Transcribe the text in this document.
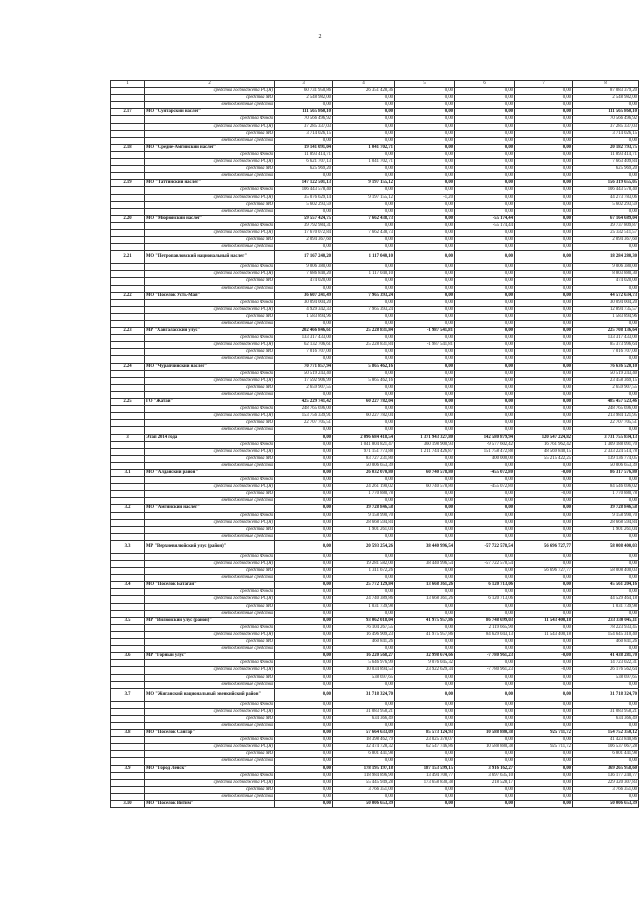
2
1	2	3	4	5	6	7	8
	средства госбюджета РС(Я)	60 731 950,86	26 351 428,36	0,00	0,00	0,00	87 083 379,20
	средства МО	2 548 982,00	0,00	0,00	0,00	0,00	2 548 982,00
	внебюджетные средства	0,00	0,00	0,00	0,00	0,00	0,00
2.17	МО "Сунтарский наслег"	111 565 860,10	0,00	0,00	0,00	0,00	111 565 860,10
	средства Фонда	70 566 496,92	0,00	0,00	0,00	0,00	70 566 496,92
	средства госбюджета РС(Я)	37 285 337,03	0,00	0,00	0,00	0,00	37 285 337,03
	средства МО	3 714 026,15	0,00	0,00	0,00	0,00	3 714 026,15
	внебюджетные средства	0,00	0,00	0,00	0,00	0,00	0,00
2.18	МО "Средне-Амгинский наслег"	19 141 091,04	1 041 702,71	0,00	0,00	0,00	20 182 793,75
	средства Фонда	11 893 414,71	0,00	0,00	0,00	0,00	11 893 414,71
	средства госбюджета РС(Я)	6 621 707,13	1 041 702,71	0,00	0,00	0,00	7 663 409,84
	средства МО	625 969,20	0,00	0,00	0,00	0,00	625 969,20
	внебюджетные средства	0,00	0,00	0,00	0,00	0,00	0,00
2.19	МО "Таттинский наслег"	147 122 501,13	9 197 155,12	0,00	0,00	0,00	156 319 655,05
	средства Фонда	106 443 578,40	0,00	0,00	0,00	0,00	106 443 578,40
	средства госбюджета РС(Я)	35 076 629,14	9 197 155,12	-1,20	0,00	0,00	44 273 783,06
	средства МО	5 602 293,59	0,00	0,00	0,00	0,00	5 602 293,59
	внебюджетные средства	0,00	0,00	0,00	0,00	0,00	0,00
2.20	МО "Мюрюнский наслег"	59 557 424,75	7 662 438,73	0,00	-55 174,44	0,00	67 164 689,04
	средства Фонда	39 792 984,31	0,00	0,00	-55 174,44	0,00	39 737 809,87
	средства госбюджета РС(Я)	17 670 072,84	7 662 438,73	0,00	0,00	0,00	25 332 511,57
	средства МО	2 094 367,60	0,00	0,00	0,00	0,00	2 094 367,60
	внебюджетные средства	0,00	0,00	0,00	0,00	0,00	0,00
2.21	МО "Петропавловский национальный наслег"	17 167 240,20	1 117 040,10	0,00	0,00	0,00	18 284 280,30
	средства Фонда	9 006 380,00	0,00	0,00	0,00	0,00	9 006 380,00
	средства госбюджета РС(Я)	7 686 840,20	1 117 040,10	0,00	0,00	0,00	8 803 880,30
	средства МО	474 020,00	0,00	0,00	0,00	0,00	474 020,00
	внебюджетные средства	0,00	0,00	0,00	0,00	0,00	0,00
2.22	МО "Поселок Усть-Мая"	36 607 241,49	7 965 393,24	0,00	0,00	0,00	44 572 634,73
	средства Фонда	30 094 004,20	0,00	0,00	0,00	0,00	30 094 004,20
	средства госбюджета РС(Я)	4 929 342,33	7 965 393,24	0,00	0,00	0,00	12 894 735,57
	средства МО	1 583 894,96	0,00	0,00	0,00	0,00	1 583 894,96
	внебюджетные средства	0,00	0,00	0,00	0,00	0,00	0,00
2.23	МР "Хангаласский улус"	202 466 846,61	25 228 831,84	-1 987 541,81	0,00	0,00	225 708 136,64
	средства Фонда	133 317 433,00	0,00	0,00	0,00	0,00	133 317 433,00
	средства госбюджета РС(Я)	62 132 706,61	25 228 831,84	-1 987 541,81	0,00	0,00	85 373 996,64
	средства МО	7 016 707,00	0,00	0,00	0,00	0,00	7 016 707,00
	внебюджетные средства	0,00	0,00	0,00	0,00	0,00	0,00
2.24	МО "Чурапчинский наслег"	70 771 857,94	5 865 462,16	0,00	0,00	0,00	76 636 520,10
	средства Фонда	50 519 243,40	0,00	0,00	0,00	0,00	50 519 243,40
	средства госбюджета РС(Я)	17 592 906,99	5 865 462,16	0,00	0,00	0,00	23 458 369,15
	средства МО	2 659 907,55	0,00	0,00	0,00	0,00	2 659 907,55
	внебюджетные средства	0,00	0,00	0,00	0,00	0,00	0,00
2.25	ГО "Жатай"	425 229 741,42	60 227 782,04	0,00	0,00	0,00	485 457 523,46
	средства Фонда	248 765 696,00	0,00	0,00	0,00	0,00	248 765 696,00
	средства госбюджета РС(Я)	153 756 339,91	60 227 782,04	0,00	0,00	0,00	213 984 121,95
	средства МО	22 707 705,51	0,00	0,00	0,00	0,00	22 707 705,51
	внебюджетные средства	0,00	0,00	0,00	0,00	0,00	0,00
3	Этап 2014 года	0,00	2 096 684 418,54	1 371 943 327,80	142 580 879,94	120 547 224,82	3 731 755 834,13
	средства Фонда	0,00	1 041 804 821,47	360 198 900,93	-9 577 602,42	16 761 962,42	1 309 188 091,70
	средства госбюджета РС(Я)	0,00	971 151 773,88	1 211 744 426,87	151 758 472,88	48 569 840,15	2 333 224 514,78
	средства МО	0,00	83 727 231,80	0,00	400 000,00	55 215 422,25	139 136 774,05
	внебюджетные средства	0,00	50 006 653,39	0,00	0,00	0,00	50 006 653,39
3.1	МО "Алданский район"	0,00	26 032 070,80	60 740 578,80	-455 072,80	-0,00	86 317 576,80
	средства Фонда	0,00	0,00	0,00	0,00	0,00	0,00
	средства госбюджета РС(Я)	0,00	24 261 190,02	60 740 578,80	-455 072,80	0,00	84 546 696,02
	средства МО	0,00	1 770 880,78	0,00	0,00	-0,00	1 770 880,78
	внебюджетные средства	0,00	0,00	0,00	0,00	0,00	0,00
3.2	МО "Амгинский наслег"	0,00	39 728 846,58	0,00	0,00	0,00	39 728 846,58
	средства Фонда	0,00	9 158 990,70	0,00	0,00	0,00	9 158 990,70
	средства госбюджета РС(Я)	0,00	28 668 594,84	0,00	0,00	0,00	28 668 594,84
	средства МО	0,00	1 901 261,04	0,00	0,00	0,00	1 901 261,04
	внебюджетные средства	0,00	0,00	0,00	0,00	0,00	0,00
3.3	МР "Верхневилюйский улус (район)"	0,00	20 593 254,26	38 440 996,54	-57 722 578,54	56 696 727,77	58 008 400,03
	средства Фонда	0,00	0,00	0,00	0,00	0,00	0,00
	средства госбюджета РС(Я)	0,00	19 281 582,00	38 440 996,54	-57 722 578,54	0,00	0,00
	средства МО	0,00	1 311 672,26	0,00	0,00	56 696 727,77	58 008 400,03
	внебюджетные средства	0,00	0,00	0,00	0,00	0,00	0,00
3.4	МО "Поселок Батагай"	0,00	25 772 129,84	13 668 361,26	6 120 713,06	0,00	45 561 204,16
	средства Фонда	0,00	0,00	0,00	0,00	0,00	0,00
	средства госбюджета РС(Я)	0,00	24 740 389,86	13 668 361,26	6 120 713,06	0,00	44 529 464,18
	средства МО	0,00	1 031 739,98	0,00	0,00	0,00	1 031 739,98
	внебюджетные средства	0,00	0,00	0,00	0,00	0,00	0,00
3.5	МР "Вилюйский улус (район)"	0,00	93 062 018,04	41 975 957,86	86 748 699,03	11 543 400,18	233 330 045,11
	средства Фонда	0,00	76 104 267,55	0,00	2 119 665,90	0,00	78 223 933,45
	средства госбюджета РС(Я)	0,00	16 496 909,23	41 975 957,86	84 629 043,13	11 543 400,18	154 645 310,40
	средства МО	0,00	460 841,26	0,00	0,00	0,00	460 841,26
	внебюджетные средства	0,00	0,00	0,00	0,00	0,00	0,00
3.6	МР "Горный улус"	0,00	16 220 568,27	32 998 674,66	-7 780 961,23	-0,00	41 438 281,70
	средства Фонда	0,00	5 646 976,99	9 076 045,32	0,00	0,00	14 723 022,31
	средства госбюджета РС(Я)	0,00	10 034 894,53	23 922 629,34	-7 780 961,23	-0,00	26 176 562,64
	средства МО	0,00	538 697,65	0,00	0,00	0,00	538 697,65
	внебюджетные средства	0,00	0,00	0,00	0,00	0,00	0,00
3.7	МО "Жиганский национальный эвенкийский район"	0,00	31 718 324,70	0,00	0,00	0,00	31 718 324,70
	средства Фонда	0,00	0,00	0,00	0,00	0,00	0,00
	средства госбюджета РС(Я)	0,00	31 083 958,21	0,00	0,00	0,00	31 083 958,21
	средства МО	0,00	634 366,49	0,00	0,00	0,00	634 366,49
	внебюджетные средства	0,00	0,00	0,00	0,00	0,00	0,00
3.8	МО "Поселок Сангар"	0,00	57 664 633,09	85 573 124,93	10 588 880,38	925 711,72	154 752 350,12
	средства Фонда	0,00	18 398 462,79	23 025 378,07	0,00	0,00	41 423 840,86
	средства госбюджета РС(Я)	0,00	32 474 728,32	62 547 746,86	10 588 880,38	925 711,72	106 537 067,28
	средства МО	0,00	6 801 441,98	0,00	0,00	0,00	6 801 441,98
	внебюджетные средства	0,00	0,00	0,00	0,00	0,00	0,00
3.9	МО "Город Ленск"	0,00	178 195 197,18	187 153 599,15	3 916 162,27	0,00	369 265 958,60
	средства Фонда	0,00	118 984 896,90	13 494 708,77	3 697 635,10	0,00	136 177 240,77
	средства госбюджета РС(Я)	0,00	55 445 949,28	173 658 830,38	218 528,17	0,00	229 320 307,83
	средства МО	0,00	3 766 351,00	0,00	0,00	0,00	3 766 351,00
	внебюджетные средства	0,00	0,00	0,00	0,00	0,00	0,00
3.10	МО "Поселок Витим"	0,00	50 006 653,39	0,00	0,00	0,00	50 006 653,39
